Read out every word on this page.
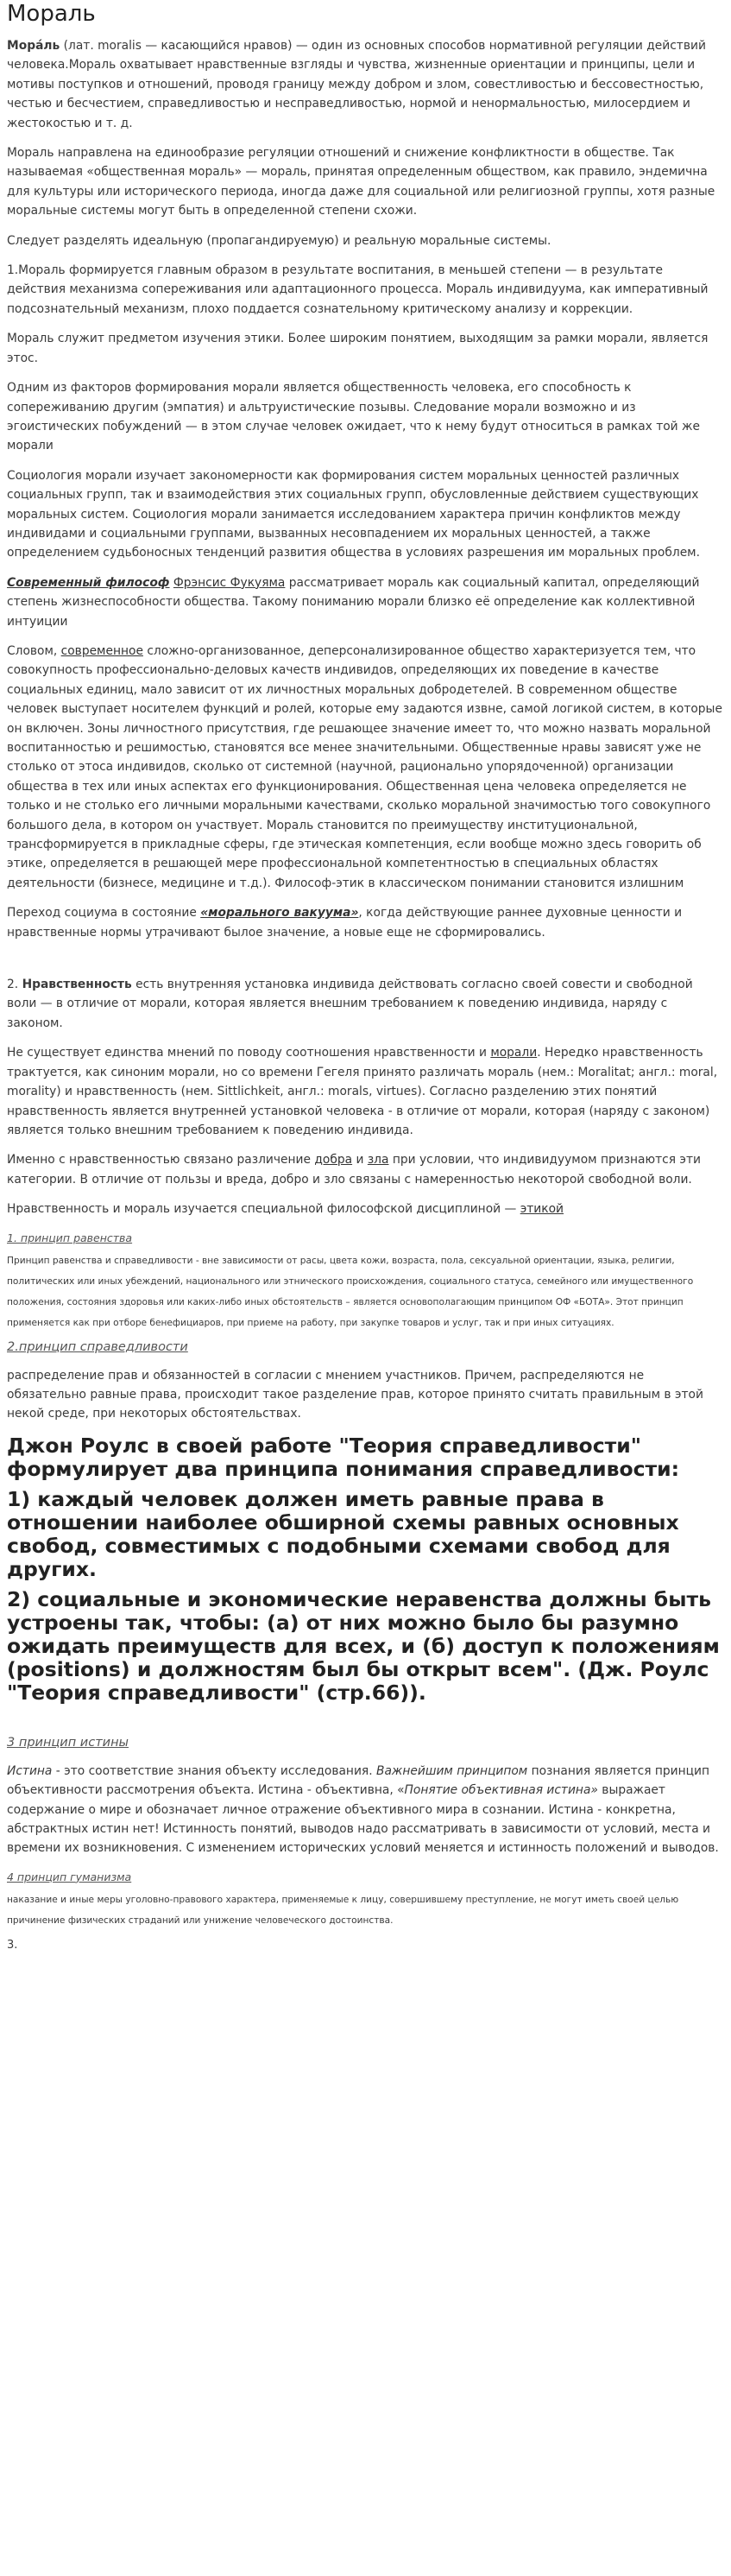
Мораль

Мора́ль (лат. moralis — касающийся нравов) — один из основных способов нормативной регуляции действий человека.Мораль охватывает нравственные взгляды и чувства, жизненные ориентации и принципы, цели и мотивы поступков и отношений, проводя границу между добром и злом, совестливостью и бессовестностью, честью и бесчестием, справедливостью и несправедливостью, нормой и ненормальностью, милосердием и жестокостью и т. д.

Мораль направлена на единообразие регуляции отношений и снижение конфликтности в обществе. Так называемая «общественная мораль» — мораль, принятая определенным обществом, как правило, эндемична для культуры или исторического периода, иногда даже для социальной или религиозной группы, хотя разные моральные системы могут быть в определенной степени схожи.

Следует разделять идеальную (пропагандируемую) и реальную моральные системы.

1.Мораль формируется главным образом в результате воспитания, в меньшей степени — в результате действия механизма сопереживания или адаптационного процесса. Мораль индивидуума, как императивный подсознательный механизм, плохо поддается сознательному критическому анализу и коррекции.

Мораль служит предметом изучения этики. Более широким понятием, выходящим за рамки морали, является этос.

Одним из факторов формирования морали является общественность человека, его способность к сопереживанию другим (эмпатия) и альтруистические позывы. Следование морали возможно и из эгоистических побуждений — в этом случае человек ожидает, что к нему будут относиться в рамках той же морали

Социология морали изучает закономерности как формирования систем моральных ценностей различных социальных групп, так и взаимодействия этих социальных групп, обусловленные действием существующих моральных систем. Социология морали занимается исследованием характера причин конфликтов между индивидами и социальными группами, вызванных несовпадением их моральных ценностей, а также определением судьбоносных тенденций развития общества в условиях разрешения им моральных проблем.

Современный философ Фрэнсис Фукуяма рассматривает мораль как социальный капитал, определяющий степень жизнеспособности общества. Такому пониманию морали близко её определение как коллективной интуиции

Словом, современное сложно-организованное, деперсонализированное общество характеризуется тем, что совокупность профессионально-деловых качеств индивидов, определяющих их поведение в качестве социальных единиц, мало зависит от их личностных моральных добродетелей. В современном обществе человек выступает носителем функций и ролей, которые ему задаются извне, самой логикой систем, в которые он включен. Зоны личностного присутствия, где решающее значение имеет то, что можно назвать моральной воспитанностью и решимостью, становятся все менее значительными. Общественные нравы зависят уже не столько от этоса индивидов, сколько от системной (научной, рационально упорядоченной) организации общества в тех или иных аспектах его функционирования. Общественная цена человека определяется не только и не столько его личными моральными качествами, сколько моральной значимостью того совокупного большого дела, в котором он участвует. Мораль становится по преимуществу институциональной, трансформируется в прикладные сферы, где этическая компетенция, если вообще можно здесь говорить об этике, определяется в решающей мере профессиональной компетентностью в специальных областях деятельности (бизнесе, медицине и т.д.). Философ-этик в классическом понимании становится излишним

Переход социума в состояние «морального вакуума», когда действующие раннее духовные ценности и нравственные нормы утрачивают былое значение, а новые еще не сформировались.

2. Нравственность есть внутренняя установка индивида действовать согласно своей совести и свободной воли — в отличие от морали, которая является внешним требованием к поведению индивида, наряду с законом.

Не существует единства мнений по поводу соотношения нравственности и морали. Нередко нравственность трактуется, как синоним морали, но со времени Гегеля принято различать мораль (нем.: Moralitat; англ.: moral, morality) и нравственность (нем. Sittlichkeit, англ.: morals, virtues). Согласно разделению этих понятий нравственность является внутренней установкой человека - в отличие от морали, которая (наряду с законом) является только внешним требованием к поведению индивида.

Именно с нравственностью связано различение добра и зла при условии, что индивидуумом признаются эти категории. В отличие от пользы и вреда, добро и зло связаны с намеренностью некоторой свободной воли.

Нравственность и мораль изучается специальной философской дисциплиной — этикой

1. принцип равенства

Принцип равенства и справедливости - вне зависимости от расы, цвета кожи, возраста, пола, сексуальной ориентации, языка, религии, политических или иных убеждений, национального или этнического происхождения, социального статуса, семейного или имущественного положения, состояния здоровья или каких-либо иных обстоятельств – является основополагающим принципом ОФ «БОТА». Этот принцип применяется как при отборе бенефициаров, при приеме на работу, при закупке товаров и услуг, так и при иных ситуациях.

2.принцип справедливости

распределение прав и обязанностей в согласии с мнением участников. Причем, распределяются не обязательно равные права, происходит такое разделение прав, которое принято считать правильным в этой некой среде, при некоторых обстоятельствах.

Джон Роулс в своей работе "Теория справедливости" формулирует два принципа понимания справедливости:

1) каждый человек должен иметь равные права в отношении наиболее обширной схемы равных основных свобод, совместимых с подобными схемами свобод для других.

2) социальные и экономические неравенства должны быть устроены так, чтобы: (а) от них можно было бы разумно ожидать преимуществ для всех, и (б) доступ к положениям (positions) и должностям был бы открыт всем". (Дж. Роулс "Теория справедливости" (стр.66)).

3 принцип истины

Истина - это соответствие знания объекту исследования. Важнейшим принципом познания является принцип объективности рассмотрения объекта. Истина - объективна, «Понятие объективная истина» выражает содержание о мире и обозначает личное отражение объективного мира в сознании. Истина - конкретна, абстрактных истин нет! Истинность понятий, выводов надо рассматривать в зависимости от условий, места и времени их возникновения. С изменением исторических условий меняется и истинность положений и выводов.

4 принцип гуманизма

наказание и иные меры уголовно-правового характера, применяемые к лицу, совершившему преступление, не могут иметь своей целью причинение физических страданий или унижение человеческого достоинства.

3.
